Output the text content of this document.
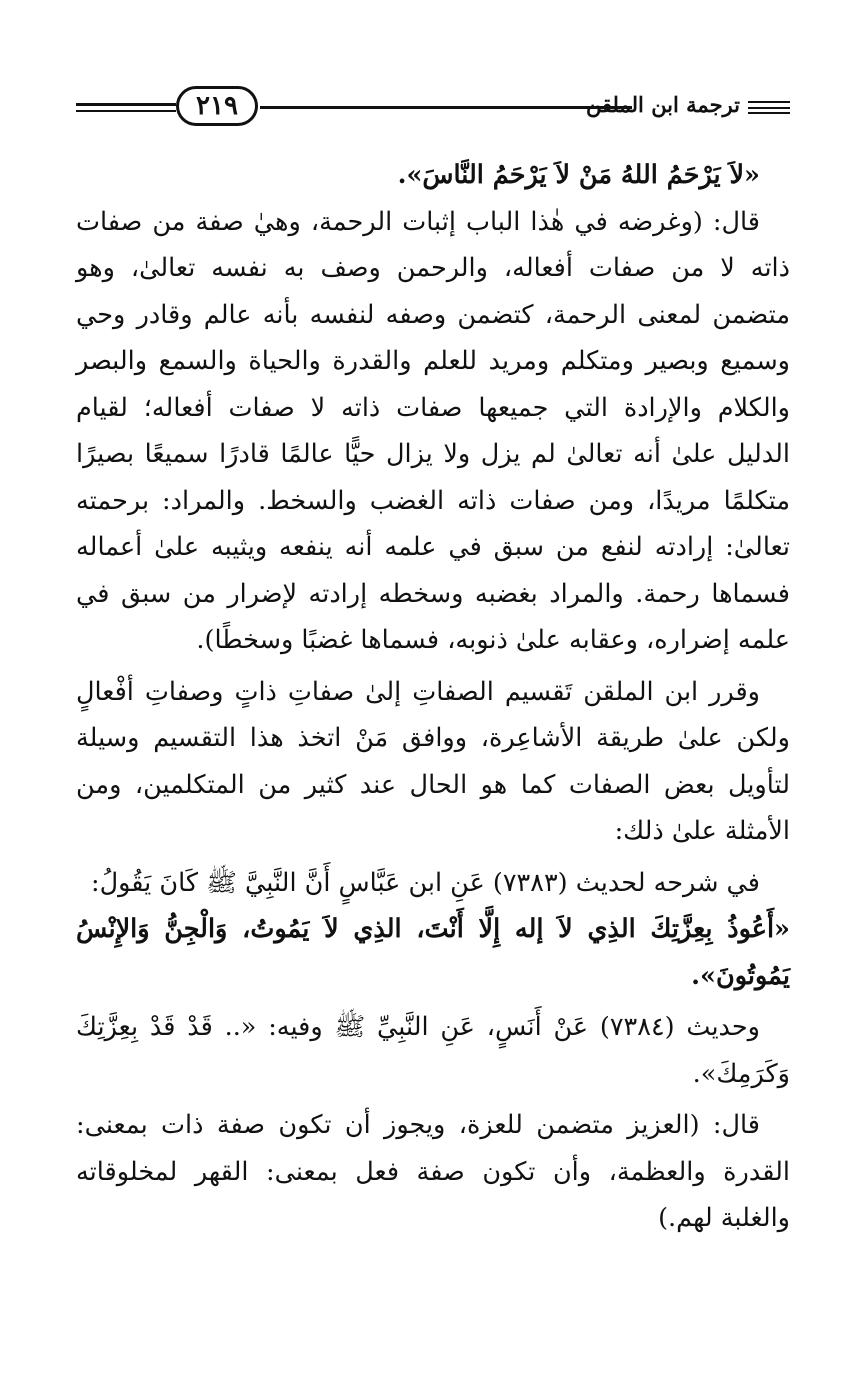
٢١٩	ترجمة ابن الملقن

«لاَ يَرْحَمُ اللهُ مَنْ لاَ يَرْحَمُ النَّاسَ».

قال: (وغرضه في هٰذا الباب إثبات الرحمة، وهيٰ صفة من صفات ذاته لا من صفات أفعاله، والرحمن وصف به نفسه تعالىٰ، وهو متضمن لمعنى الرحمة، كتضمن وصفه لنفسه بأنه عالم وقادر وحي وسميع وبصير ومتكلم ومريد للعلم والقدرة والحياة والسمع والبصر والكلام والإرادة التي جميعها صفات ذاته لا صفات أفعاله؛ لقيام الدليل علىٰ أنه تعالىٰ لم يزل ولا يزال حيًّا عالمًا قادرًا سميعًا بصيرًا متكلمًا مريدًا، ومن صفات ذاته الغضب والسخط. والمراد: برحمته تعالىٰ: إرادته لنفع من سبق في علمه أنه ينفعه ويثيبه علىٰ أعماله فسماها رحمة. والمراد بغضبه وسخطه إرادته لإضرار من سبق في علمه إضراره، وعقابه علىٰ ذنوبه، فسماها غضبًا وسخطًا).

وقرر ابن الملقن تَقسيم الصفاتِ إلىٰ صفاتِ ذاتٍ وصفاتِ أفْعالٍ ولكن علىٰ طريقة الأشاعِرة، ووافق مَنْ اتخذ هذا التقسيم وسيلة لتأويل بعض الصفات كما هو الحال عند كثير من المتكلمين، ومن الأمثلة علىٰ ذلك:

في شرحه لحديث (٧٣٨٣) عَنِ ابن عَبَّاسٍ أَنَّ النَّبِيَّ ﷺ كَانَ يَقُولُ:

«أَعُوذُ بِعِزَّتِكَ الذِي لاَ إله إِلَّا أَنْتَ، الذِي لاَ يَمُوتُ، وَالْجِنُّ وَالإِنْسُ يَمُوتُونَ».

وحديث (٧٣٨٤) عَنْ أَنَسٍ، عَنِ النَّبِيِّ ﷺ وفيه: «.. قَدْ قَدْ بِعِزَّتِكَ وَكَرَمِكَ».

قال: (العزيز متضمن للعزة، ويجوز أن تكون صفة ذات بمعنى: القدرة والعظمة، وأن تكون صفة فعل بمعنى: القهر لمخلوقاته والغلبة لهم.)
